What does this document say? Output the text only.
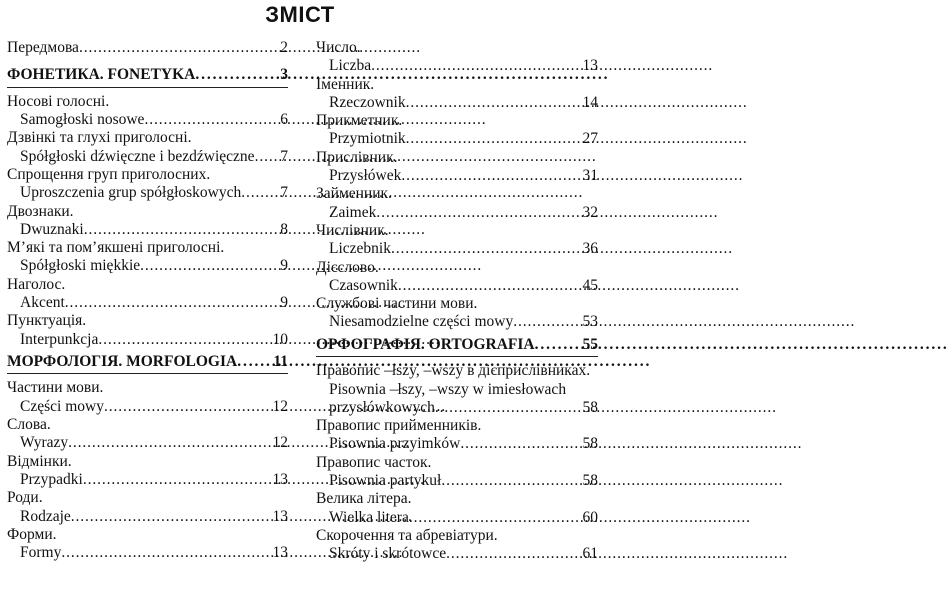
ЗМІСТ
Передмова . . .	2
ФОНЕТИКА. FONETYKA . . .	3
Носові голосні.
Samogłoski nosowe . . .	6
Дзвінкі та глухі приголосні.
Spółgłoski dźwięczne i bezdźwięczne . . . 7
Спрощення груп приголосних.
Uproszczenia grup spółgłoskowych . . .	7
Двознаки.
Dwuznaki . . .	8
М’які та пом’якшені приголосні.
Spółgłoski miękkie . . .	9
Наголос.
Akcent . . .	9
Пунктуація.
Interpunkcja . . .	10
МОРФОЛОГІЯ. MORFOLOGIA . . . 11
Частини мови.
Części mowy . . .	12
Слова.
Wyrazy . . .	12
Відмінки.
Przypadki . . .	13
Роди.
Rodzaje . . .	13
Форми.
Formy . . .	13
Число.
Liczba . . .	13
Іменник.
Rzeczownik . . .	14
Прикметник.
Przymiotnik . . .	27
Прислівник.
Przysłówek . . .	31
Займенник.
Zaimek . . .	32
Числівник.
Liczebnik . . .	36
Дієслово.
Czasownik . . .	45
Службові частини мови.
Niesamodzielne części mowy . . .	53
ОРФОГРАФІЯ. ORTOGRAFIA . . .	55
Правопис –łszy, –wszy в дієприслівниках.
Pisownia –łszy, –wszy w imiesłowach
przysłówkowych . . .	58
Правопис прийменників.
Pisownia przyimków . . .	58
Правопис часток.
Pisownia partykuł . . .	58
Велика літера.
Wielka litera . . .	60
Скорочення та абревіатури.
Skróty i skrótowce . . .	61
